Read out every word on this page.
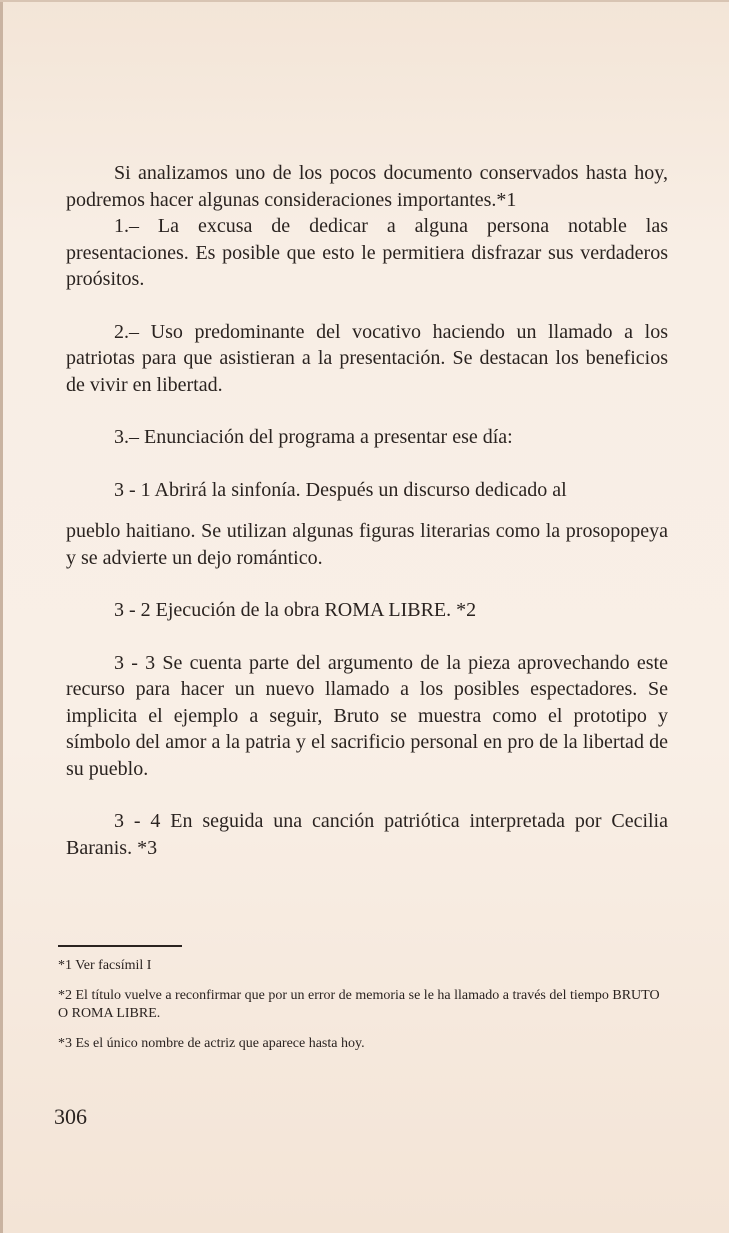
Si analizamos uno de los pocos documento conservados hasta hoy, podremos hacer algunas consideraciones importantes.*1

1.– La excusa de dedicar a alguna persona notable las presentaciones. Es posible que esto le permitiera disfrazar sus verdaderos proósitos.

2.– Uso predominante del vocativo haciendo un llamado a los patriotas para que asistieran a la presentación. Se destacan los beneficios de vivir en libertad.

3.– Enunciación del programa a presentar ese día:

3 - 1 Abrirá la sinfonía. Después un discurso dedicado al

pueblo haitiano. Se utilizan algunas figuras literarias como la prosopopeya y se advierte un dejo romántico.

3 - 2 Ejecución de la obra ROMA LIBRE. *2

3 - 3 Se cuenta parte del argumento de la pieza aprovechando este recurso para hacer un nuevo llamado a los posibles espectadores. Se implicita el ejemplo a seguir, Bruto se muestra como el prototipo y símbolo del amor a la patria y el sacrificio personal en pro de la libertad de su pueblo.

3 - 4 En seguida una canción patriótica interpretada por Cecilia Baranis. *3

*1 Ver facsímil I

*2 El título vuelve a reconfirmar que por un error de memoria se le ha llamado a través del tiempo BRUTO O ROMA LIBRE.

*3 Es el único nombre de actriz que aparece hasta hoy.

306
